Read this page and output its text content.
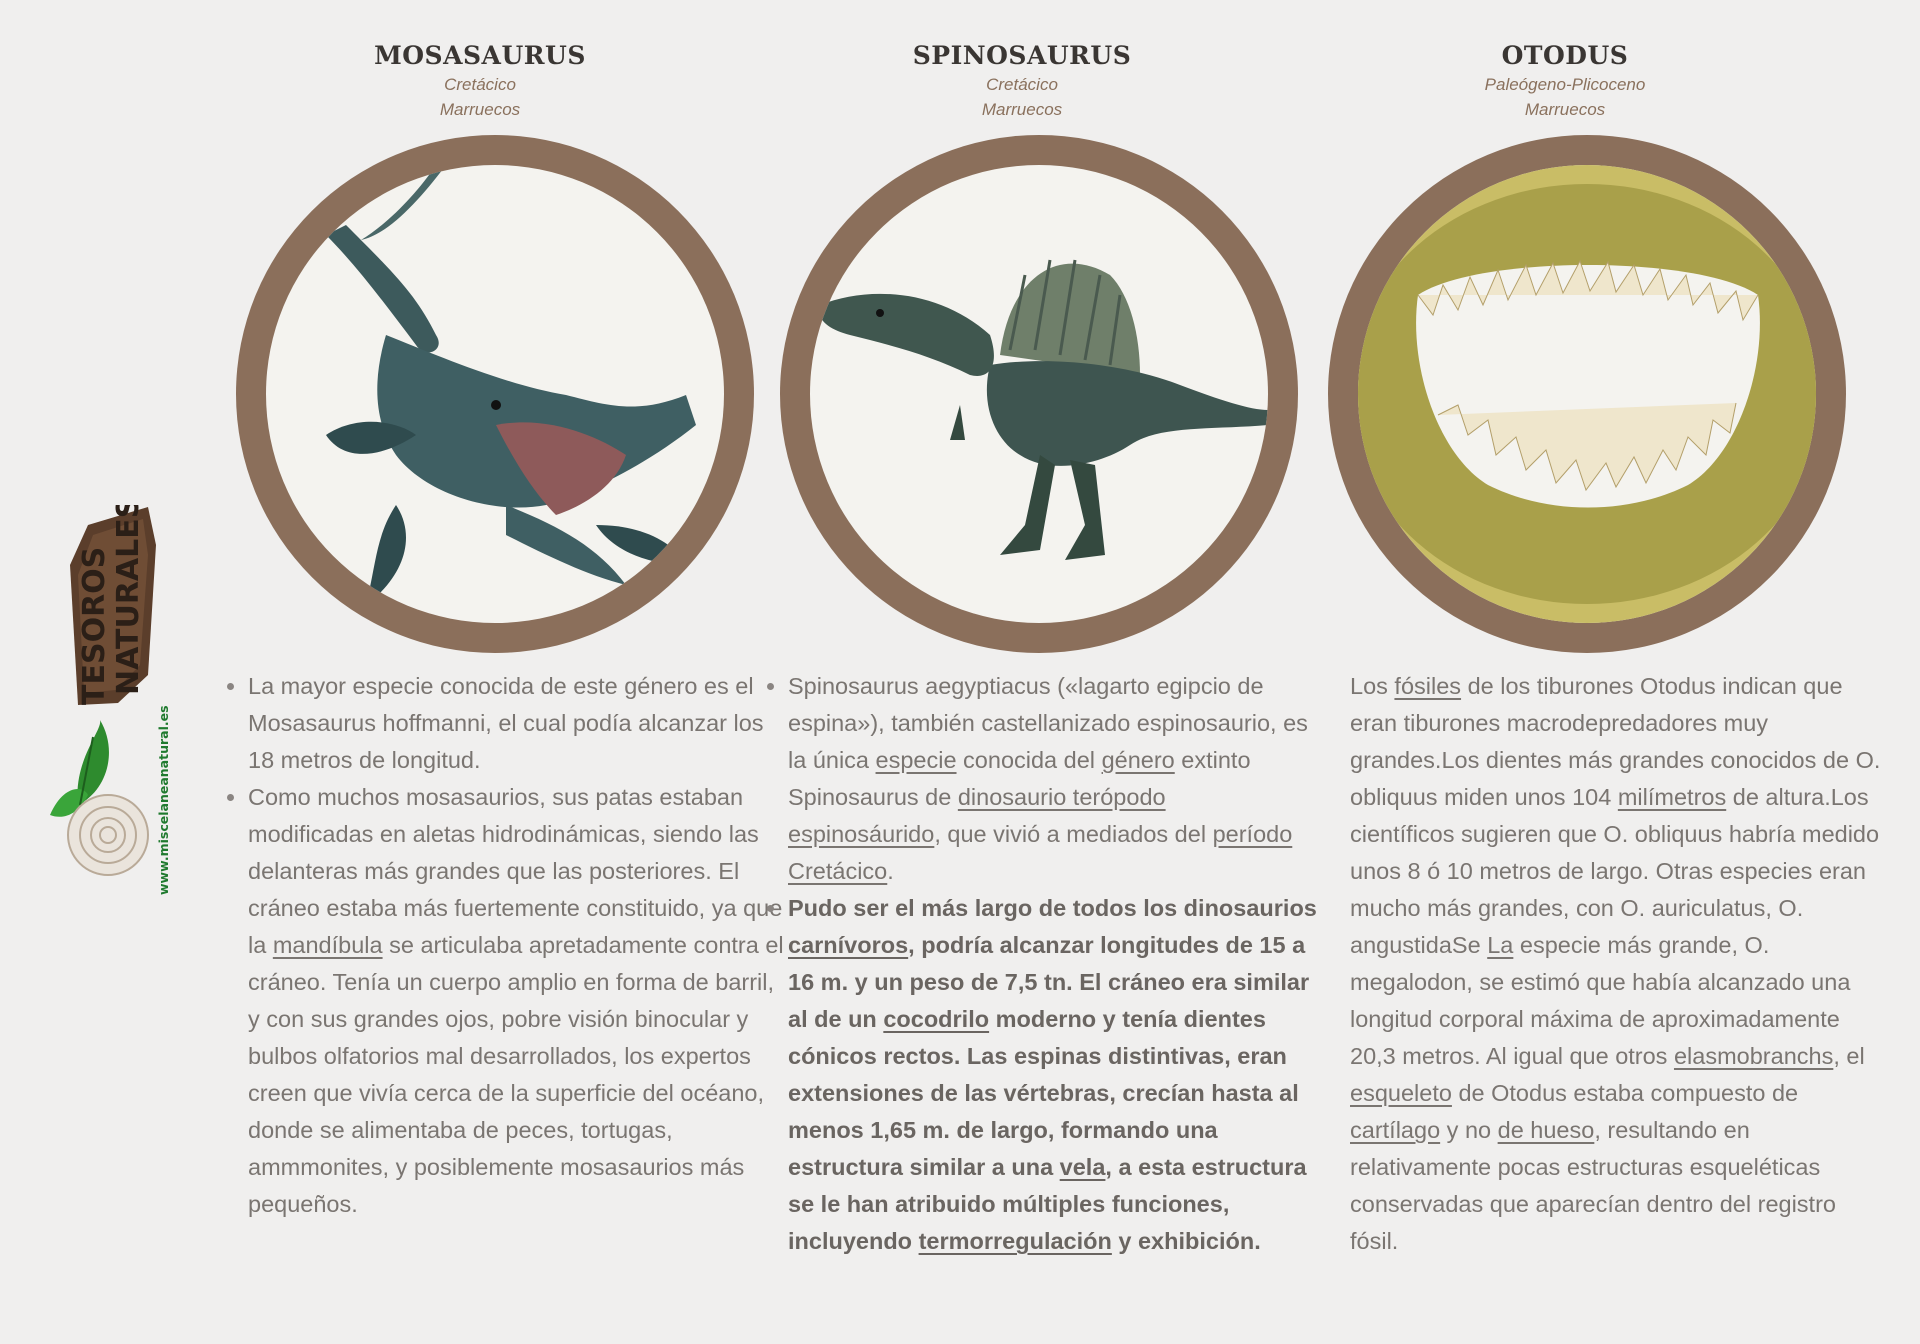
TESOROS NATURALES
www.miscelaneanatural.es
MOSASAURUS
Cretácico
Marruecos
• La mayor especie conocida de este género es el Mosasaurus hoffmanni, el cual podía alcanzar los 18 metros de longitud.
• Como muchos mosasaurios, sus patas estaban modificadas en aletas hidrodinámicas, siendo las delanteras más grandes que las posteriores. El cráneo estaba más fuertemente constituido, ya que la mandíbula se articulaba apretadamente contra el cráneo. Tenía un cuerpo amplio en forma de barril, y con sus grandes ojos, pobre visión binocular y bulbos olfatorios mal desarrollados, los expertos creen que vivía cerca de la superficie del océano, donde se alimentaba de peces, tortugas, ammmonites, y posiblemente mosasaurios más pequeños.
SPINOSAURUS
Cretácico
Marruecos
• Spinosaurus aegyptiacus («lagarto egipcio de espina»), también castellanizado espinosaurio, es la única especie conocida del género extinto Spinosaurus de dinosaurio terópodo espinosáurido, que vivió a mediados del período Cretácico.
• Pudo ser el más largo de todos los dinosaurios carnívoros, podría alcanzar longitudes de 15 a 16 m. y un peso de 7,5 tn. El cráneo era similar al de un cocodrilo moderno y tenía dientes cónicos rectos. Las espinas distintivas, eran extensiones de las vértebras, crecían hasta al menos 1,65 m. de largo, formando una estructura similar a una vela, a esta estructura se le han atribuido múltiples funciones, incluyendo termorregulación y exhibición.
OTODUS
Paleógeno-Plicoceno
Marruecos

Los fósiles de los tiburones Otodus indican que eran tiburones macrodepredadores muy grandes.Los dientes más grandes conocidos de O. obliquus miden unos 104 milímetros de altura.Los científicos sugieren que O. obliquus habría medido unos 8 ó 10 metros de largo. Otras especies eran mucho más grandes, con O. auriculatus, O. angustidaSe La especie más grande, O. megalodon, se estimó que había alcanzado una longitud corporal máxima de aproximadamente 20,3 metros. Al igual que otros elasmobranchs, el esqueleto de Otodus estaba compuesto de cartílago y no de hueso, resultando en relativamente pocas estructuras esqueléticas conservadas que aparecían dentro del registro fósil.
